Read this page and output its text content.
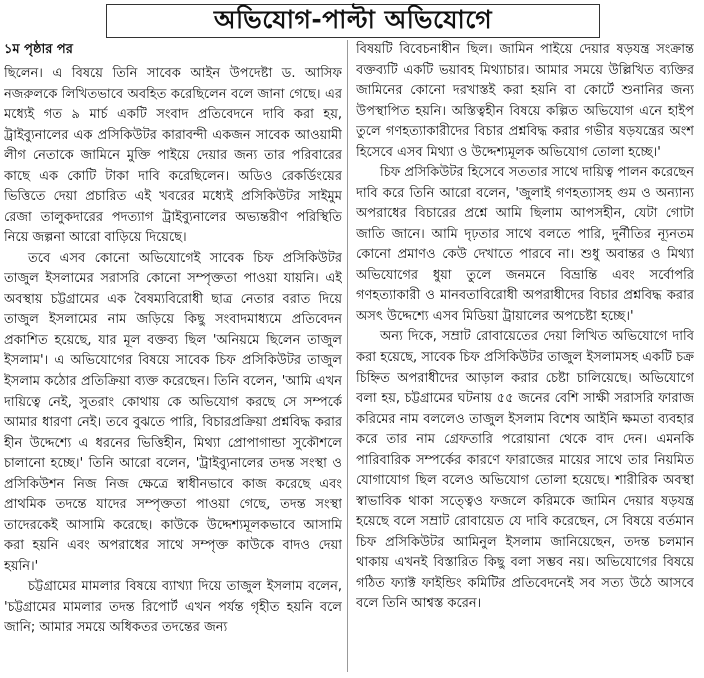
অভিযোগ-পাল্টা অভিযোগে

১ম পৃষ্ঠার পর

ছিলেন। এ বিষয়ে তিনি সাবেক আইন উপদেষ্টা ড. আসিফ নজরুলকে লিখিতভাবে অবহিত করেছিলেন বলে জানা গেছে। এর মধ্যেই গত ৯ মার্চ একটি সংবাদ প্রতিবেদনে দাবি করা হয়, ট্রাইব্যুনালের এক প্রসিকিউটর কারাবন্দী একজন সাবেক আওয়ামী লীগ নেতাকে জামিনে মুক্তি পাইয়ে দেয়ার জন্য তার পরিবারের কাছে এক কোটি টাকা দাবি করেছিলেন। অডিও রেকর্ডিংয়ের ভিত্তিতে দেয়া প্রচারিত এই খবরের মধ্যেই প্রসিকিউটর সাইমুম রেজা তালুকদারের পদত্যাগ ট্রাইব্যুনালের অভ্যন্তরীণ পরিস্থিতি নিয়ে জল্পনা আরো বাড়িয়ে দিয়েছে।

তবে এসব কোনো অভিযোগেই সাবেক চিফ প্রসিকিউটর তাজুল ইসলামের সরাসরি কোনো সম্পৃক্ততা পাওয়া যায়নি। এই অবস্থায় চট্টগ্রামের এক বৈষম্যবিরোধী ছাত্র নেতার বরাত দিয়ে তাজুল ইসলামের নাম জড়িয়ে কিছু সংবাদমাধ্যমে প্রতিবেদন প্রকাশিত হয়েছে, যার মূল বক্তব্য ছিল 'অনিয়মে ছিলেন তাজুল ইসলাম'। এ অভিযোগের বিষয়ে সাবেক চিফ প্রসিকিউটর তাজুল ইসলাম কঠোর প্রতিক্রিয়া ব্যক্ত করেছেন। তিনি বলেন, 'আমি এখন দায়িত্বে নেই, সুতরাং কোথায় কে অভিযোগ করছে সে সম্পর্কে আমার ধারণা নেই। তবে বুঝতে পারি, বিচারপ্রক্রিয়া প্রশ্নবিদ্ধ করার হীন উদ্দেশ্যে এ ধরনের ভিত্তিহীন, মিথ্যা প্রোপাগান্ডা সুকৌশলে চালানো হচ্ছে।' তিনি আরো বলেন, 'ট্রাইব্যুনালের তদন্ত সংস্থা ও প্রসিকিউশন নিজ নিজ ক্ষেত্রে স্বাধীনভাবে কাজ করেছে এবং প্রাথমিক তদন্তে যাদের সম্পৃক্ততা পাওয়া গেছে, তদন্ত সংস্থা তাদেরকেই আসামি করেছে। কাউকে উদ্দেশ্যমূলকভাবে আসামি করা হয়নি এবং অপরাধের সাথে সম্পৃক্ত কাউকে বাদও দেয়া হয়নি।'

চট্টগ্রামের মামলার বিষয়ে ব্যাখ্যা দিয়ে তাজুল ইসলাম বলেন, 'চট্টগ্রামের মামলার তদন্ত রিপোর্ট এখন পর্যন্ত গৃহীত হয়নি বলে জানি; আমার সময়ে অধিকতর তদন্তের জন্য

বিষয়টি বিবেচনাধীন ছিল। জামিন পাইয়ে দেয়ার ষড়যন্ত্র সংক্রান্ত বক্তব্যটি একটি ভয়াবহ মিথ্যাচার। আমার সময়ে উল্লিখিত ব্যক্তির জামিনের কোনো দরখাস্তই করা হয়নি বা কোর্টে শুনানির জন্য উপস্থাপিত হয়নি। অস্তিত্বহীন বিষয়ে কল্পিত অভিযোগ এনে হাইপ তুলে গণহত্যাকারীদের বিচার প্রশ্নবিদ্ধ করার গভীর ষড়যন্ত্রের অংশ হিসেবে এসব মিথ্যা ও উদ্দেশ্যমূলক অভিযোগ তোলা হচ্ছে।'

চিফ প্রসিকিউটর হিসেবে সততার সাথে দায়িত্ব পালন করেছেন দাবি করে তিনি আরো বলেন, 'জুলাই গণহত্যাসহ গুম ও অন্যান্য অপরাধের বিচারের প্রশ্নে আমি ছিলাম আপসহীন, যেটা গোটা জাতি জানে। আমি দৃঢ়তার সাথে বলতে পারি, দুর্নীতির ন্যূনতম কোনো প্রমাণও কেউ দেখাতে পারবে না। শুধু অবান্তর ও মিথ্যা অভিযোগের ধুয়া তুলে জনমনে বিভ্রান্তি এবং সর্বোপরি গণহত্যাকারী ও মানবতাবিরোধী অপরাধীদের বিচার প্রশ্নবিদ্ধ করার অসৎ উদ্দেশ্যে এসব মিডিয়া ট্রায়ালের অপচেষ্টা হচ্ছে।'

অন্য দিকে, সম্রাট রোবায়েতের দেয়া লিখিত অভিযোগে দাবি করা হয়েছে, সাবেক চিফ প্রসিকিউটর তাজুল ইসলামসহ একটি চক্র চিহ্নিত অপরাধীদের আড়াল করার চেষ্টা চালিয়েছে। অভিযোগে বলা হয়, চট্টগ্রামের ঘটনায় ৫৫ জনের বেশি সাক্ষী সরাসরি ফারাজ করিমের নাম বললেও তাজুল ইসলাম বিশেষ আইনি ক্ষমতা ব্যবহার করে তার নাম গ্রেফতারি পরোয়ানা থেকে বাদ দেন। এমনকি পারিবারিক সম্পর্কের কারণে ফারাজের মায়ের সাথে তার নিয়মিত যোগাযোগ ছিল বলেও অভিযোগ তোলা হয়েছে। শারীরিক অবস্থা স্বাভাবিক থাকা সত্ত্বেও ফজলে করিমকে জামিন দেয়ার ষড়যন্ত্র হয়েছে বলে সম্রাট রোবায়েত যে দাবি করেছেন, সে বিষয়ে বর্তমান চিফ প্রসিকিউটর আমিনুল ইসলাম জানিয়েছেন, তদন্ত চলমান থাকায় এখনই বিস্তারিত কিছু বলা সম্ভব নয়। অভিযোগের বিষয়ে গঠিত ফ্যাক্ট ফাইন্ডিং কমিটির প্রতিবেদনেই সব সত্য উঠে আসবে বলে তিনি আশ্বস্ত করেন।
